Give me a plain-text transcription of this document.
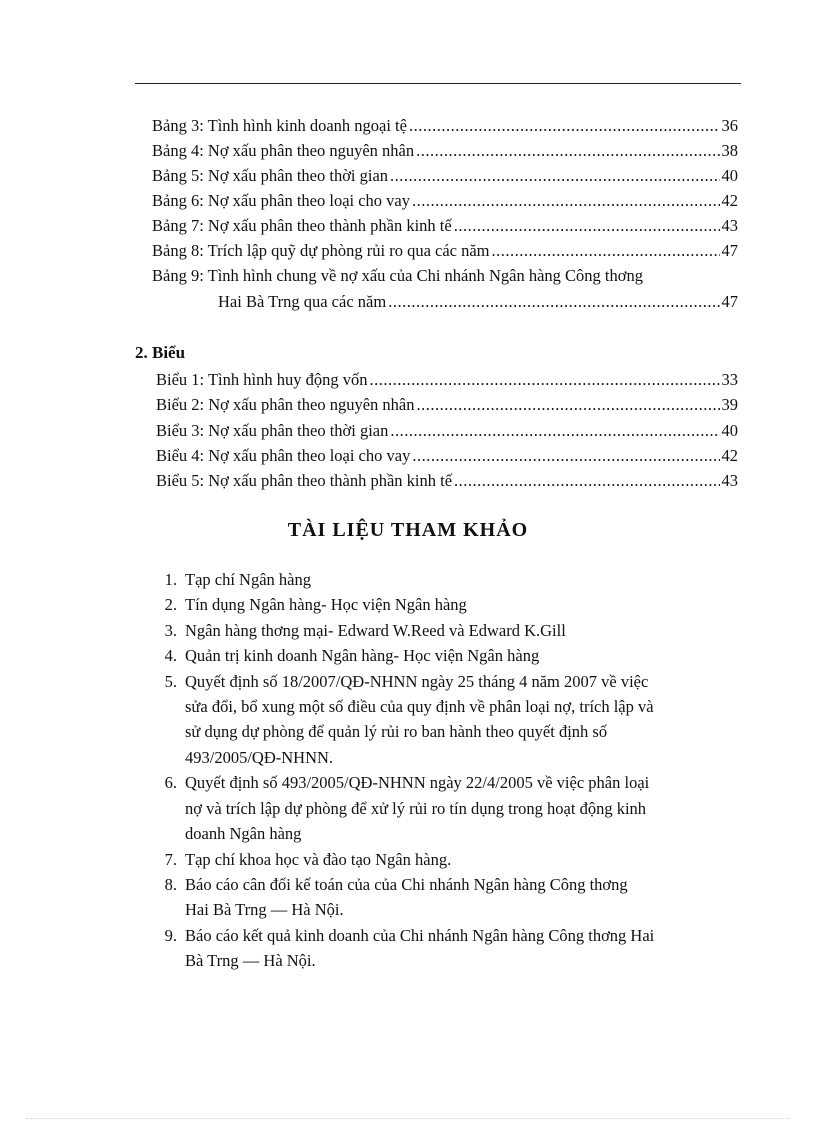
Bảng 3: Tình hình kinh doanh ngoại tệ .....	36
Bảng 4: Nợ xấu phân theo nguyên nhân .....	38
Bảng 5: Nợ xấu phân theo thời gian .....	40
Bảng 6: Nợ xấu phân theo loại cho vay .....	42
Bảng 7: Nợ xấu phân theo thành phần kinh tế .....	43
Bảng 8: Trích lập quỹ dự phòng rủi ro qua các năm .....	47
Bảng 9: Tình hình chung về nợ xấu của Chi nhánh Ngân hàng Công thơng
Hai Bà Trng qua các năm .....	47
2. Biểu
Biểu 1: Tình hình huy động vốn .....	33
Biểu 2: Nợ xấu phân theo nguyên nhân .....	39
Biểu 3: Nợ xấu phân theo thời gian .....	40
Biểu 4: Nợ xấu phân theo loại cho vay .....	42
Biểu 5: Nợ xấu phân theo thành phần kinh tế .....	43
TÀI LIỆU THAM KHẢO
1. Tạp chí Ngân hàng
2. Tín dụng Ngân hàng- Học viện Ngân hàng
3. Ngân hàng thơng mại- Edward W.Reed và Edward K.Gill
4. Quản trị kinh doanh Ngân hàng- Học viện Ngân hàng
5. Quyết định số 18/2007/QĐ-NHNN ngày 25 tháng 4 năm 2007 về việc
sửa đổi, bổ xung một số điều của quy định về phân loại nợ, trích lập và
sử dụng dự phòng để quản lý rủi ro ban hành theo quyết định số
493/2005/QĐ-NHNN.
6. Quyết định số 493/2005/QĐ-NHNN ngày 22/4/2005 về việc phân loại
nợ và trích lập dự phòng để xử lý rủi ro tín dụng trong hoạt động kinh
doanh Ngân hàng
7. Tạp chí khoa học và đào tạo Ngân hàng.
8. Báo cáo cân đối kế toán của của Chi nhánh Ngân hàng Công thơng
Hai Bà Trng — Hà Nội.
9. Báo cáo kết quả kinh doanh của Chi nhánh Ngân hàng Công thơng Hai
Bà Trng — Hà Nội.
